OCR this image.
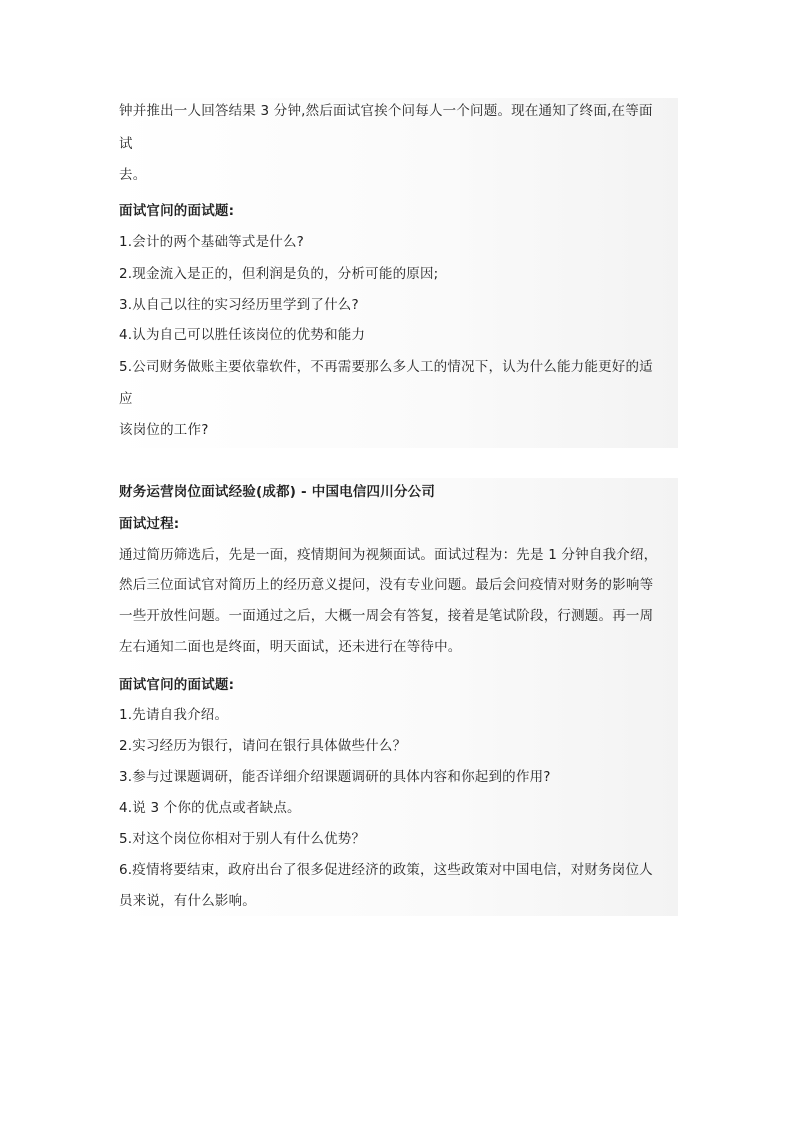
钟并推出一人回答结果 3 分钟,然后面试官挨个问每人一个问题。现在通知了终面,在等面
试
去。
面试官问的面试题:
1.会计的两个基础等式是什么?
2.现金流入是正的，但利润是负的，分析可能的原因;
3.从自己以往的实习经历里学到了什么?
4.认为自己可以胜任该岗位的优势和能力
5.公司财务做账主要依靠软件，不再需要那么多人工的情况下，认为什么能力能更好的适
应
该岗位的工作?
财务运营岗位面试经验(成都) - 中国电信四川分公司
面试过程:
通过简历筛选后，先是一面，疫情期间为视频面试。面试过程为：先是 1 分钟自我介绍，
然后三位面试官对简历上的经历意义提问，没有专业问题。最后会问疫情对财务的影响等
一些开放性问题。一面通过之后，大概一周会有答复，接着是笔试阶段，行测题。再一周
左右通知二面也是终面，明天面试，还未进行在等待中。
面试官问的面试题:
1.先请自我介绍。
2.实习经历为银行，请问在银行具体做些什么？
3.参与过课题调研，能否详细介绍课题调研的具体内容和你起到的作用?
4.说 3 个你的优点或者缺点。
5.对这个岗位你相对于别人有什么优势？
6.疫情将要结束，政府出台了很多促进经济的政策，这些政策对中国电信，对财务岗位人
员来说，有什么影响。
